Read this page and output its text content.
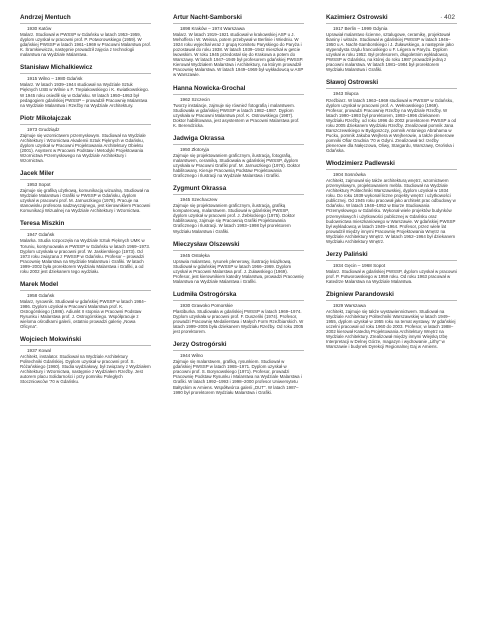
· 402
Andrzej Mentuch
1930 Katów

Malarz. Studiował w PWSSP w Gdańsku w latach 1953–1959, dyplom uzyskał w pracowni prof. P. Potworowskiego (1959). W gdańskiej PWSSP w latach 1961–1969 w Pracowni Malarstwa prof. K. Śramkiewicza, następnie prowadził zajęcia z technologii malarstwa na Wydziale Malarstwa.

Stanisław Michalkiewicz
1915 Wilno – 1980 Gdańsk

Malarz. W latach 1939–1944 studiował na Wydziale Sztuk Pięknych USB w Wilnie u F. Trepiakowskiego i K. Kwiatkowskiego. W 1945 roku osiedlił się w Gdańsku. W latach 1950–1953 był pedagogiem gdańskiej PWSSP – prowadził Pracownię Malarstwa na Wydziale Malarstwa i Rzeźby na Wydziale Architektury.

Piotr Mikołajczak
1973 Grudziądz

Zajmuje się wzornictwem przemysłowym. Studiował na Wydziale Architektury i Wzornictwa Akademii Sztuk Pięknych w Gdańsku, dyplom uzyskał w Pracowni Projektowania Architektury Obiektu (2001). Asystent w Pracowni Podstaw i Metodyki Projektowania Wzornictwa Przemysłowego na Wydziale Architektury i Wzornictwa.

Jacek Miler
1953 Sopot

Zajmuje się grafiką użytkową, komunikacją wizualną. Studiował na Wydziale Malarstwa i Grafiki w PWSSP w Gdańsku, dyplom uzyskał w pracowni prof. M. Jarnuszkiego (1978). Pracuje na stanowisku profesora nadzwyczajnego, jest kierownikiem Pracowni Komunikacji Wizualnej na Wydziale Architektury i Wzornictwa.

Teresa Miszkin
1947 Gdańsk

Malarka. Studia rozpoczęła na Wydziale Sztuk Pięknych UMK w Toruniu, kontynuowała w PWSSP w Gdańsku w latach 1969–1973. Dyplom uzyskała w pracowni prof. W. Jaskierskiego (1973). Od 1973 roku związana z PWSSP w Gdańsku. Profesor – prowadzi Pracownię Malarstwa na Wydziale Malarstwa i Grafiki. W latach 1999–2002 była prorektorem Wydziału Malarstwa i Grafiki, a od roku 2002 jest dziekanem tego wydziału.

Marek Model
1958 Gdańsk

Malarz, rysownik. Studiował w gdańskiej PWSSP w latach 1984–1986. Dyplom uzyskał w Pracowni Malarstwa prof. K. Ostrogórskiego (1986). Adiunkt II stopnia w Pracowni Podstaw Rysunku i Malarstwa prof. J. Ostrogórskiego. Współpracuje z wieloma ośrodkami galerii, ostatnio prowadzi galerię „Nowa Oficyna”.

Wojciech Mokwiński
1937 Kowal

Architekt, instalator. Studiował na Wydziale Architektury Politechniki Gdańskiej. Dyplom uzyskał w pracowni prof. S. Różańskiego (1960). Studia wydziałowy, był związany z Wydziałem Architektury i Wzornictwa, następnie z Wydziałem Rzeźby. Jest autorem placu Solidarności i przy pomniku Poległych Stoczniowców '70 w Gdańsku.

Artur Nacht-Samborski
1898 Kraków – 1974 Warszawa

Malarz. W latach 1919–1921 studiował w krakowskiej ASP u J. Mehoffera i W. Weissa, potem przebywał w Berlinie i Wiedniu. W 1924 roku wyjechał wraz z grupą Komitetu Paryskiego do Paryża i pozostawał do roku 1938. W latach 1939–1942 mieszkał w getcie lwowskim. W roku 1945 przedostał się do Krakowa a potem do Warszawy. W latach 1947–1949 był profesorem gdańskiej PWSSP. Kierował Wydziałem Malarstwa i Architektury, na którym prowadził Pracownię Malarstwa. W latach 1949–1969 był wykładowcą w ASP w Warszawie.

Hanna Nowicka-Grochal
1962 Szczecin

Tworzy instalacje, zajmuje się również fotografią i malarstwem. Studiowała w gdańskiej PWSSP w latach 1982–1987. Dyplom uzyskała w Pracowni Malarstwa prof. K. Ostrowskiego (1987). Doktor habilitowana, jest asystentem w Pracowni Malarstwa prof. K. Berendzicka.

Jadwiga Okrassa
1950 Złotoryja

Zajmuje się projektowaniem graficznym, ilustracją, fotografią, malarstwem, ceramiką. Studiowała w gdańskiej PWSSP, dyplom uzyskała w Pracowni Grafiki prof. M. Jarnuszkiego (1976). Doktor habilitowany. Kieruje Pracownią Podstaw Projektowania Graficznego i Ilustracji na Wydziale Malarstwa i Grafiki.

Zygmunt Okrassa
1945 Szechaczew

Zajmuje się projektowaniem graficznym, ilustracją, grafiką komputerową, malarstwem. Studiował w gdańskiej PWSSP, dyplom uzyskał w pracowni prof. J. Żebłockiego (1975). Doktor habilitowany, zajmuje się Pracownią Grafiki Projektowania Graficznego i Ilustracji. W latach 1993–1998 był prorektorem Wydziału Malarstwa i Grafiki.

Mieczysław Olszewski
1945 Ostołęka

Uprawia malarstwo, rysunek plenerowy, ilustrację książkową. Studiował w gdańskiej PWSSP w latach 1966–1969. Dyplom uzyskał w Pracowni Malarstwa prof. J. Żuławskiego (1969). Profesor, jest kierownikiem katedry Malarstwa, prowadzi Pracownię Malarstwa na Wydziale Malarstwa i Grafiki.

Ludmiła Ostrogórska
1930 Grawoko Pomorskie

Plastiburka. Studiowała w gdańskiej PWSSP w latach 1969–1974. Dyplom uzyskała w pracowni prof. F. Duszeńki (1974). Profesor, prowadzi Pracownię Medalierstwa i Małych Form Rzeźbiarskich. W latach 1999–2005 była dziekanem Wydziału Rzeźby. Od roku 2005 jest prorektorem.

Jerzy Ostrogórski
1944 Wilno

Zajmuje się malarstwem, grafiką, rysunkiem. Studiował w gdańskiej PWSSP w latach 1965–1971. Dyplom uzyskał w pracowni prof. S. Borysowskiego (1971). Profesor, prowadzi Pracownię Podstaw Rysunku i Malarstwa na Wydziale Malarstwa i Grafiki. W latach 1992–1993 i 1998–2000 profesor Uniwersytetu Bałtyckim w Amiens. Współtwórca galerii „DUT”. W latach 1987–1990 był prorektorem Wydziału Malarstwa i Grafiki.

Kazimierz Ostrowski
1917 Berlin – 1999 Gdynia

Uprawiał malarstwo ścienne, sztalugowe, ceramikę, projektował tkaniny i witraże. Studiował w gdańskiej PWSSP w latach 1946–1950 u A. Nacht-Samborskiego i J. Żuławskiego, a następnie jako stypendysta rządu francuskiego u F. Légera w Paryżu. Dyplom uzyskał w roku 1952. Był profesorem, długoletnim wykładowcą PWSSP w Gdańsku, na której do roku 1987 prowadził jedną z pracowni malarstwa. W latach 1981–1984 był prorektorem Wydziału Malarstwa i Grafiki.

Sławoj Ostrowski
1943 Słupca

Rzeźbiarz. W latach 1963–1969 studiował w PWSSP w Gdańsku, dyplom uzyskał w pracowni prof. A. Wełnowskiego (1969). Profesor, prowadzi Pracownię Rzeźby na Wydziale Rzeźby. W latach 1990–1993 był prorektorem, 1993–1996 dziekanem Wydziału Rzeźby, od roku 1996 do 2002 prorektorem PWSSP a od roku 2005 dziekanem Wydziału Rzeźby. Zrealizował pomnik Jana Barszczewskiego w Bydgoszczy, pomnik Antoniego Abrahama w Pucku, pomnik Jakuba Wejhera w Wejherowie, a także plenerowe pomniki Ofiar Grudnia '70 w Gdyni. Zrealizował też rzeźby plenerowe dla Nałęczowa, Oliwy, Stargardu, Warszawy, Orońska i Gdańska.

Włodzimierz Padlewski
1904 Sosnówka

Architekt, zajmował się także architekturą wnętrz, wzornictwem przemysłowym, projektowaniem mebla. Studiował na Wydziale Architektury Politechniki Warszawskiej, dyplom uzyskał w 1934 roku. Do roku 1939 wykonał liczne projekty wnętrz i użytkowości publicznej. Od 1945 roku pracował jako architekt prac odbudowy w Gdańsku. W latach 1948–1952 w Biurze Studiowania Przemysłowego w Gdańsku. Wykonał wiele projektów budynków przemysłowych i użytkowości publicznej w Gdańsku oraz budownictwa mieszkaniowego w Warszawie. W gdańskiej PWSSP był wykładowcą w latach 1949–1964. Profesor, przez wiele lat prowadził między innymi Pracownię Projektowania Wnętrz na Wydziale Architektury Wnętrz. W latach 1962–1964 był dziekanem Wydziału Architektury Wnętrz.

Jerzy Paliński
1934 Gęcin – 1968 Sopot

Malarz. Studiował w gdańskiej PWSSP, dyplom uzyskał w pracowni prof. P. Potworowskiego w 1959 roku. Od roku 1963 pracował w Katedrze Malarstwa na Wydziale Malarstwa.

Zbigniew Parandowski
1929 Warszawa

Architekt, zajmuje się także wystawiennictwem. Studiował na Wydziale Architektury Politechniki Warszawskiej w latach 1949–1955, dyplom uzyskał w 1955 roku na temat wystawy. W gdańskiej uczelni pracował od roku 1960 do 2003. Profesor, w latach 1988–2002 kierował Katedrą Projektowania Architektury Wnętrz na Wydziale Architektury. Zrealizował między innymi Wiejską Izbę Interpretacji w Delnej Górze, magazyn i wydrowanie „Lithy” w Warszawie i budynek Dyrekcji Regionalnej Gaj w Amiens.
